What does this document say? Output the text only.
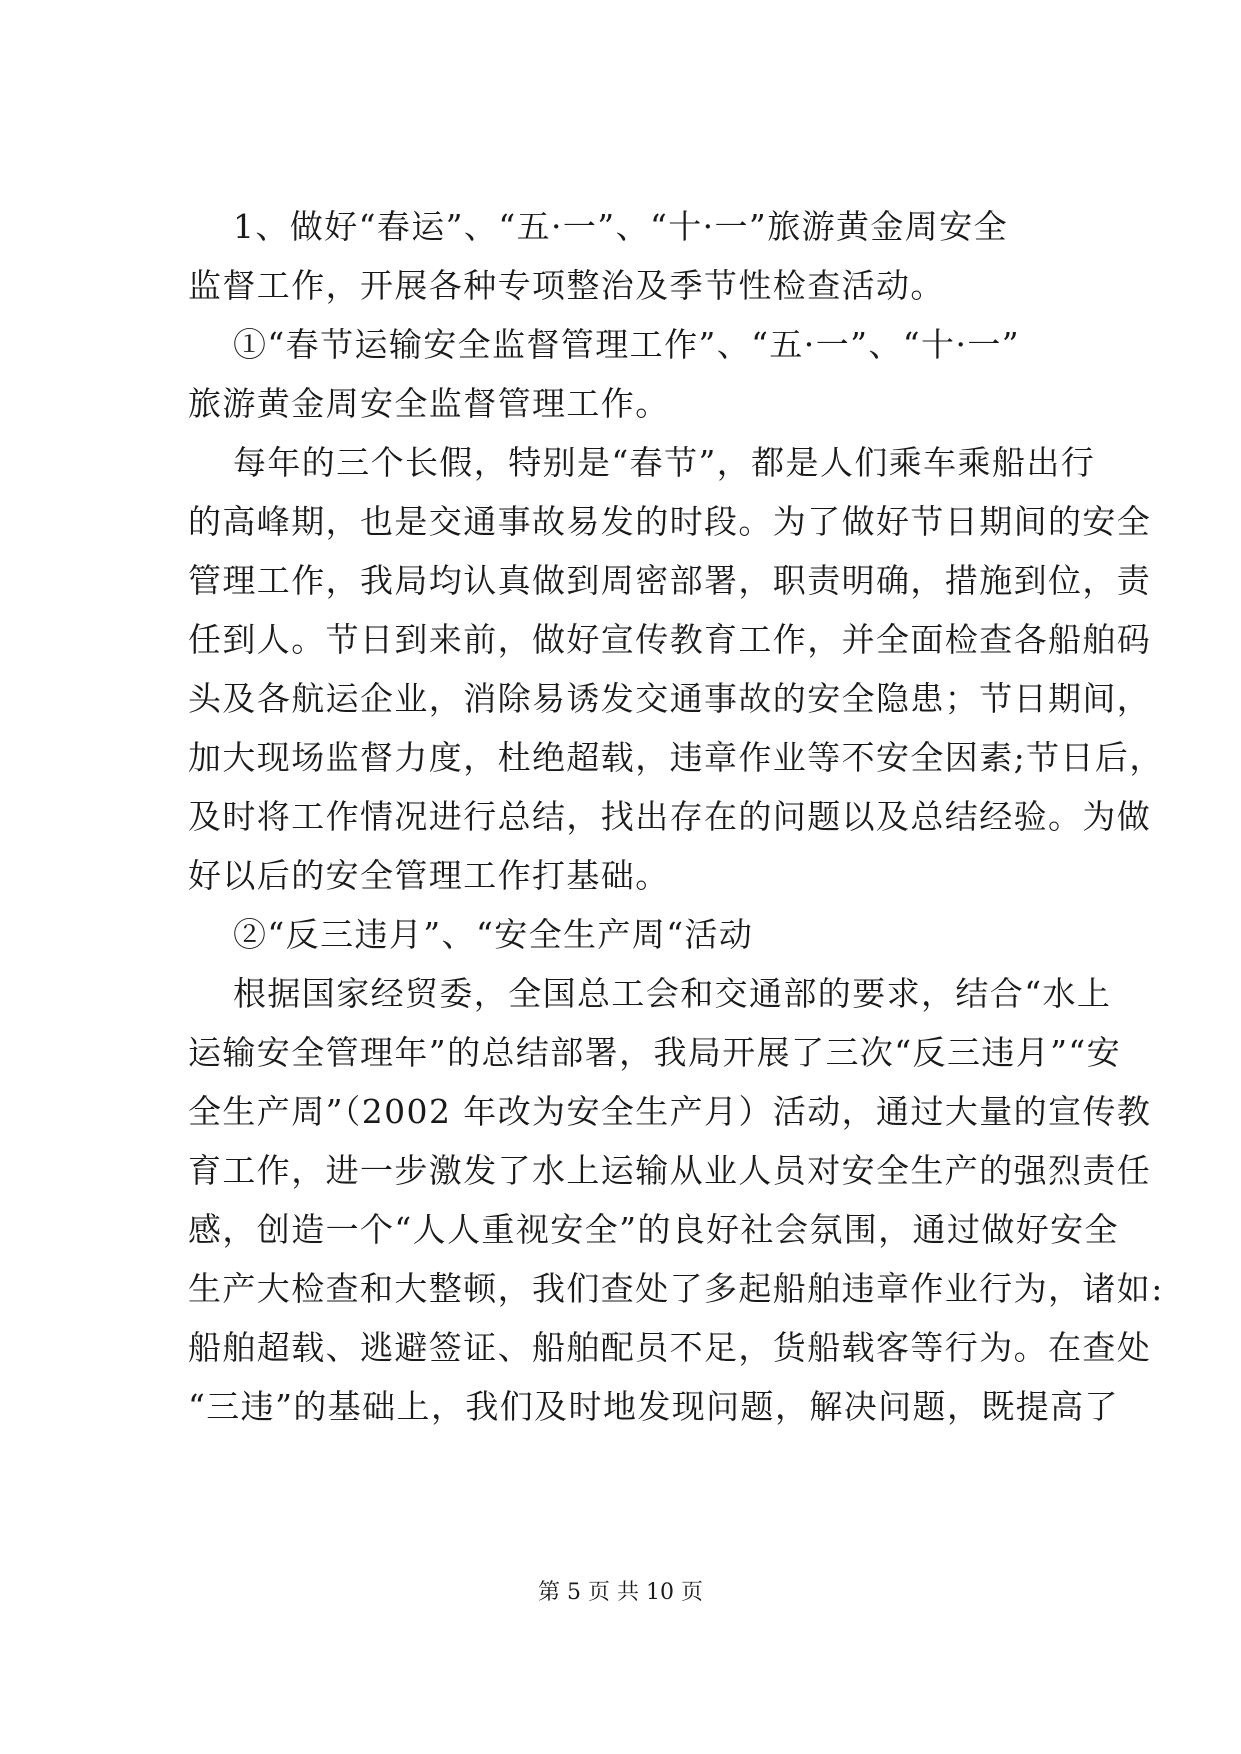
1、做好“春运”、“五·一”、“十·一”旅游黄金周安全
监督工作，开展各种专项整治及季节性检查活动。
①“春节运输安全监督管理工作”、“五·一”、“十·一”
旅游黄金周安全监督管理工作。
每年的三个长假，特别是“春节”，都是人们乘车乘船出行
的高峰期，也是交通事故易发的时段。为了做好节日期间的安全
管理工作，我局均认真做到周密部署，职责明确，措施到位，责
任到人。节日到来前，做好宣传教育工作，并全面检查各船舶码
头及各航运企业，消除易诱发交通事故的安全隐患；节日期间，
加大现场监督力度，杜绝超载，违章作业等不安全因素;节日后，
及时将工作情况进行总结，找出存在的问题以及总结经验。为做
好以后的安全管理工作打基础。
②“反三违月”、“安全生产周“活动
根据国家经贸委，全国总工会和交通部的要求，结合“水上
运输安全管理年”的总结部署，我局开展了三次“反三违月”“安
全生产周”（2002 年改为安全生产月）活动，通过大量的宣传教
育工作，进一步激发了水上运输从业人员对安全生产的强烈责任
感，创造一个“人人重视安全”的良好社会氛围，通过做好安全
生产大检查和大整顿，我们查处了多起船舶违章作业行为，诸如:
船舶超载、逃避签证、船舶配员不足，货船载客等行为。在查处
“三违”的基础上，我们及时地发现问题，解决问题，既提高了
第 5 页 共 10 页
